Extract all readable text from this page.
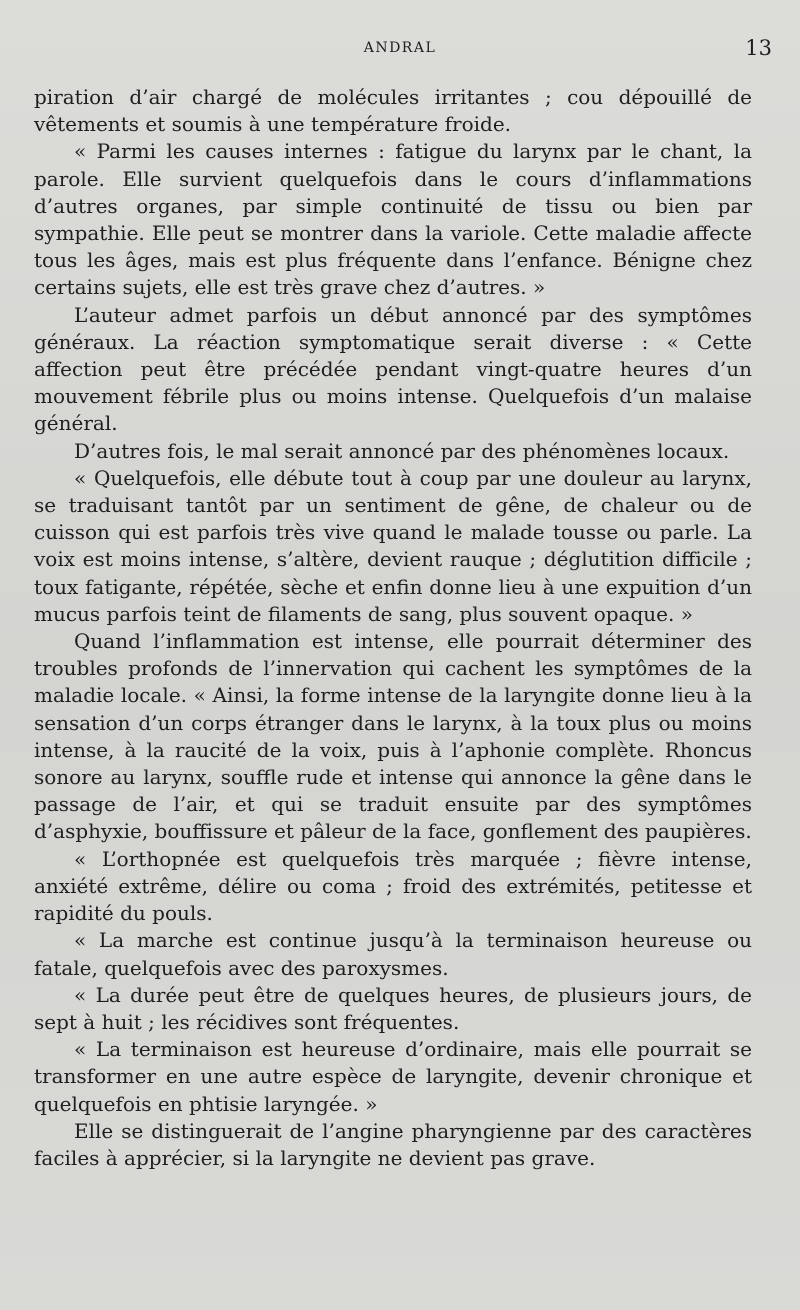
ANDRAL	13

piration d’air chargé de molécules irritantes ; cou dépouillé de vêtements et soumis à une température froide.

« Parmi les causes internes : fatigue du larynx par le chant, la parole. Elle survient quelquefois dans le cours d’inflammations d’autres organes, par simple continuité de tissu ou bien par sympathie. Elle peut se montrer dans la variole. Cette maladie affecte tous les âges, mais est plus fréquente dans l’enfance. Bénigne chez certains sujets, elle est très grave chez d’autres. »

L’auteur admet parfois un début annoncé par des symptômes généraux. La réaction symptomatique serait diverse : « Cette affection peut être précédée pendant vingt-quatre heures d’un mouvement fébrile plus ou moins intense. Quelquefois d’un malaise général.

D’autres fois, le mal serait annoncé par des phénomènes locaux.

« Quelquefois, elle débute tout à coup par une douleur au larynx, se traduisant tantôt par un sentiment de gêne, de chaleur ou de cuisson qui est parfois très vive quand le malade tousse ou parle. La voix est moins intense, s’altère, devient rauque ; déglutition difficile ; toux fatigante, répétée, sèche et enfin donne lieu à une expuition d’un mucus parfois teint de filaments de sang, plus souvent opaque. »

Quand l’inflammation est intense, elle pourrait déterminer des troubles profonds de l’innervation qui cachent les symptômes de la maladie locale. « Ainsi, la forme intense de la laryngite donne lieu à la sensation d’un corps étranger dans le larynx, à la toux plus ou moins intense, à la raucité de la voix, puis à l’aphonie complète. Rhoncus sonore au larynx, souffle rude et intense qui annonce la gêne dans le passage de l’air, et qui se traduit ensuite par des symptômes d’asphyxie, bouffissure et pâleur de la face, gonflement des paupières.

« L’orthopnée est quelquefois très marquée ; fièvre intense, anxiété extrême, délire ou coma ; froid des extrémités, petitesse et rapidité du pouls.

« La marche est continue jusqu’à la terminaison heureuse ou fatale, quelquefois avec des paroxysmes.

« La durée peut être de quelques heures, de plusieurs jours, de sept à huit ; les récidives sont fréquentes.

« La terminaison est heureuse d’ordinaire, mais elle pourrait se transformer en une autre espèce de laryngite, devenir chronique et quelquefois en phtisie laryngée. »

Elle se distinguerait de l’angine pharyngienne par des caractères faciles à apprécier, si la laryngite ne devient pas grave.
